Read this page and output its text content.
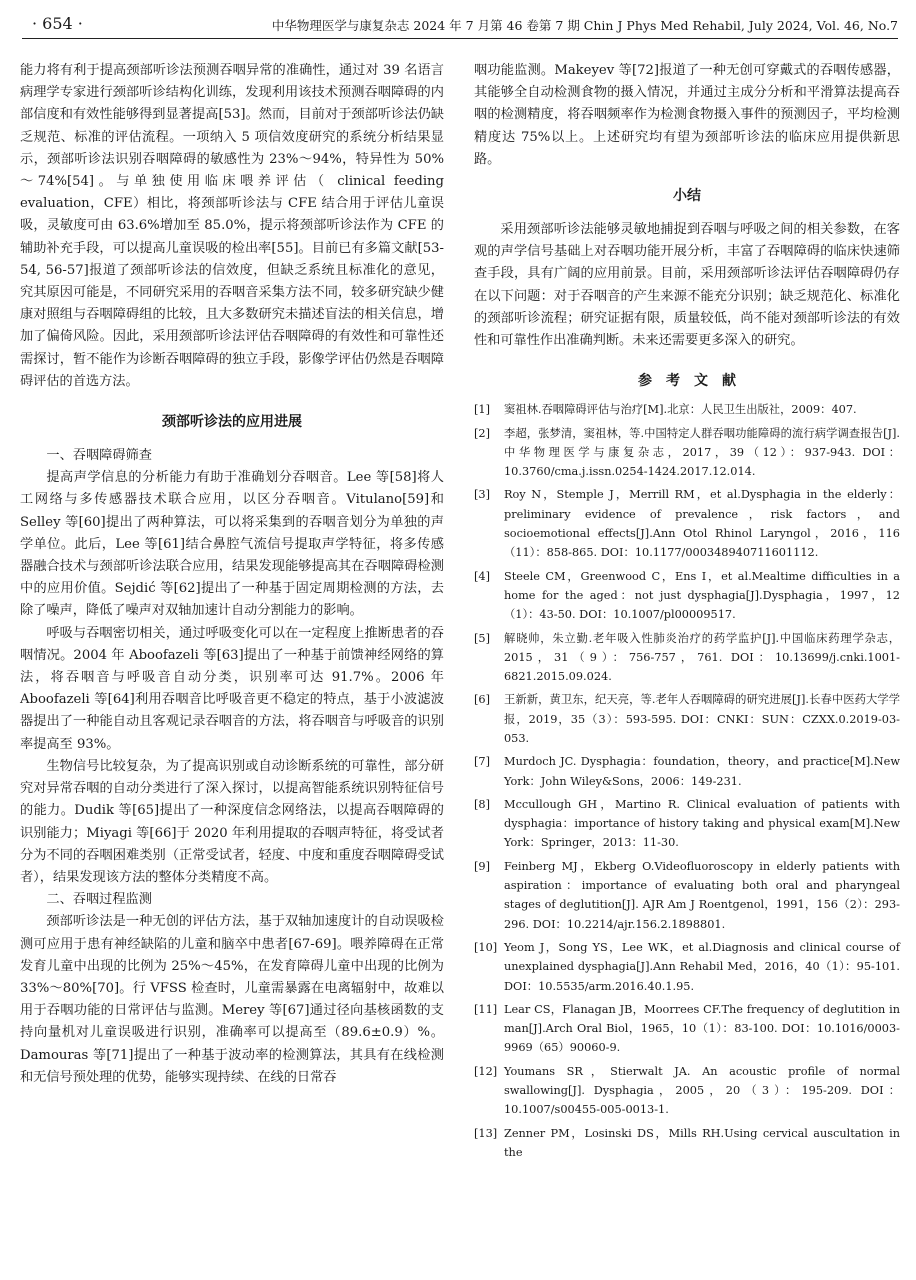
· 654 ·	中华物理医学与康复杂志 2024 年 7 月第 46 卷第 7 期 Chin J Phys Med Rehabil, July 2024, Vol. 46, No.7

能力将有利于提高颈部听诊法预测吞咽异常的准确性，通过对 39 名语言病理学专家进行颈部听诊结构化训练，发现利用该技术预测吞咽障碍的内部信度和有效性能够得到显著提高[53]。然而，目前对于颈部听诊法仍缺乏规范、标准的评估流程。一项纳入 5 项信效度研究的系统分析结果显示，颈部听诊法识别吞咽障碍的敏感性为 23%～94%，特异性为 50%～74%[54]。与单独使用临床喂养评估（ clinical feeding evaluation，CFE）相比，将颈部听诊法与 CFE 结合用于评估儿童误吸，灵敏度可由 63.6%增加至 85.0%，提示将颈部听诊法作为 CFE 的辅助补充手段，可以提高儿童误吸的检出率[55]。目前已有多篇文献[53-54, 56-57]报道了颈部听诊法的信效度，但缺乏系统且标准化的意见，究其原因可能是，不同研究采用的吞咽音采集方法不同，较多研究缺少健康对照组与吞咽障碍组的比较，且大多数研究未描述盲法的相关信息，增加了偏倚风险。因此，采用颈部听诊法评估吞咽障碍的有效性和可靠性还需探讨，暂不能作为诊断吞咽障碍的独立手段，影像学评估仍然是吞咽障碍评估的首选方法。

颈部听诊法的应用进展

一、吞咽障碍筛查

提高声学信息的分析能力有助于准确划分吞咽音。Lee 等[58]将人工网络与多传感器技术联合应用，以区分吞咽音。Vitulano[59]和 Selley 等[60]提出了两种算法，可以将采集到的吞咽音划分为单独的声学单位。此后，Lee 等[61]结合鼻腔气流信号提取声学特征，将多传感器融合技术与颈部听诊法联合应用，结果发现能够提高其在吞咽障碍检测中的应用价值。Sejdić 等[62]提出了一种基于固定周期检测的方法，去除了噪声，降低了噪声对双轴加速计自动分割能力的影响。

呼吸与吞咽密切相关，通过呼吸变化可以在一定程度上推断患者的吞咽情况。2004 年 Aboofazeli 等[63]提出了一种基于前馈神经网络的算法，将吞咽音与呼吸音自动分类，识别率可达 91.7%。2006 年 Aboofazeli 等[64]利用吞咽音比呼吸音更不稳定的特点，基于小波滤波器提出了一种能自动且客观记录吞咽音的方法，将吞咽音与呼吸音的识别率提高至 93%。

生物信号比较复杂，为了提高识别或自动诊断系统的可靠性，部分研究对异常吞咽的自动分类进行了深入探讨，以提高智能系统识别特征信号的能力。Dudik 等[65]提出了一种深度信念网络法，以提高吞咽障碍的识别能力；Miyagi 等[66]于 2020 年利用提取的吞咽声特征，将受试者分为不同的吞咽困难类别（正常受试者，轻度、中度和重度吞咽障碍受试者），结果发现该方法的整体分类精度不高。

二、吞咽过程监测

颈部听诊法是一种无创的评估方法，基于双轴加速度计的自动误吸检测可应用于患有神经缺陷的儿童和脑卒中患者[67-69]。喂养障碍在正常发育儿童中出现的比例为 25%～45%，在发育障碍儿童中出现的比例为 33%～80%[70]。行 VFSS 检查时，儿童需暴露在电离辐射中，故难以用于吞咽功能的日常评估与监测。Merey 等[67]通过径向基核函数的支持向量机对儿童误吸进行识别，准确率可以提高至（89.6±0.9）%。Damouras 等[71]提出了一种基于波动率的检测算法，其具有在线检测和无信号预处理的优势，能够实现持续、在线的日常吞

咽功能监测。Makeyev 等[72]报道了一种无创可穿戴式的吞咽传感器，其能够全自动检测食物的摄入情况，并通过主成分分析和平滑算法提高吞咽的检测精度，将吞咽频率作为检测食物摄入事件的预测因子，平均检测精度达 75%以上。上述研究均有望为颈部听诊法的临床应用提供新思路。

小结

采用颈部听诊法能够灵敏地捕捉到吞咽与呼吸之间的相关参数，在客观的声学信号基础上对吞咽功能开展分析，丰富了吞咽障碍的临床快速筛查手段，具有广阔的应用前景。目前，采用颈部听诊法评估吞咽障碍仍存在以下问题：对于吞咽音的产生来源不能充分识别；缺乏规范化、标准化的颈部听诊流程；研究证据有限，质量较低，尚不能对颈部听诊法的有效性和可靠性作出准确判断。未来还需要更多深入的研究。

参考文献
[1] 窦祖林.吞咽障碍评估与治疗[M].北京：人民卫生出版社，2009：407.
[2] 李超，张梦清，窦祖林，等.中国特定人群吞咽功能障碍的流行病学调查报告[J].中华物理医学与康复杂志，2017，39（12）：937-943. DOI：10.3760/cma.j.issn.0254-1424.2017.12.014.
[3] Roy N，Stemple J，Merrill RM，et al.Dysphagia in the elderly：preliminary evidence of prevalence，risk factors，and socioemotional effects[J].Ann Otol Rhinol Laryngol，2016，116（11）：858-865. DOI：10.1177/000348940711601112.
[4] Steele CM，Greenwood C，Ens I，et al.Mealtime difficulties in a home for the aged：not just dysphagia[J].Dysphagia，1997，12（1）：43-50. DOI：10.1007/pl00009517.
[5] 解晓帅，朱立勤.老年吸入性肺炎治疗的药学监护[J].中国临床药理学杂志，2015，31（9）：756-757，761. DOI：10.13699/j.cnki.1001-6821.2015.09.024.
[6] 王新新，黄卫东，纪天亮，等.老年人吞咽障碍的研究进展[J].长春中医药大学学报，2019，35（3）：593-595. DOI：CNKI：SUN：CZXX.0.2019-03-053.
[7] Murdoch JC. Dysphagia：foundation，theory，and practice[M].New York：John Wiley&Sons，2006：149-231.
[8] Mccullough GH，Martino R. Clinical evaluation of patients with dysphagia：importance of history taking and physical exam[M].New York：Springer，2013：11-30.
[9] Feinberg MJ，Ekberg O.Videofluoroscopy in elderly patients with aspiration：importance of evaluating both oral and pharyngeal stages of deglutition[J]. AJR Am J Roentgenol，1991，156（2）：293-296. DOI：10.2214/ajr.156.2.1898801.
[10] Yeom J，Song YS，Lee WK，et al.Diagnosis and clinical course of unexplained dysphagia[J].Ann Rehabil Med，2016，40（1）：95-101. DOI：10.5535/arm.2016.40.1.95.
[11] Lear CS，Flanagan JB，Moorrees CF.The frequency of deglutition in man[J].Arch Oral Biol，1965，10（1）：83-100. DOI：10.1016/0003-9969（65）90060-9.
[12] Youmans SR，Stierwalt JA. An acoustic profile of normal swallowing[J]. Dysphagia，2005，20（3）：195-209. DOI：10.1007/s00455-005-0013-1.
[13] Zenner PM，Losinski DS，Mills RH.Using cervical auscultation in the
